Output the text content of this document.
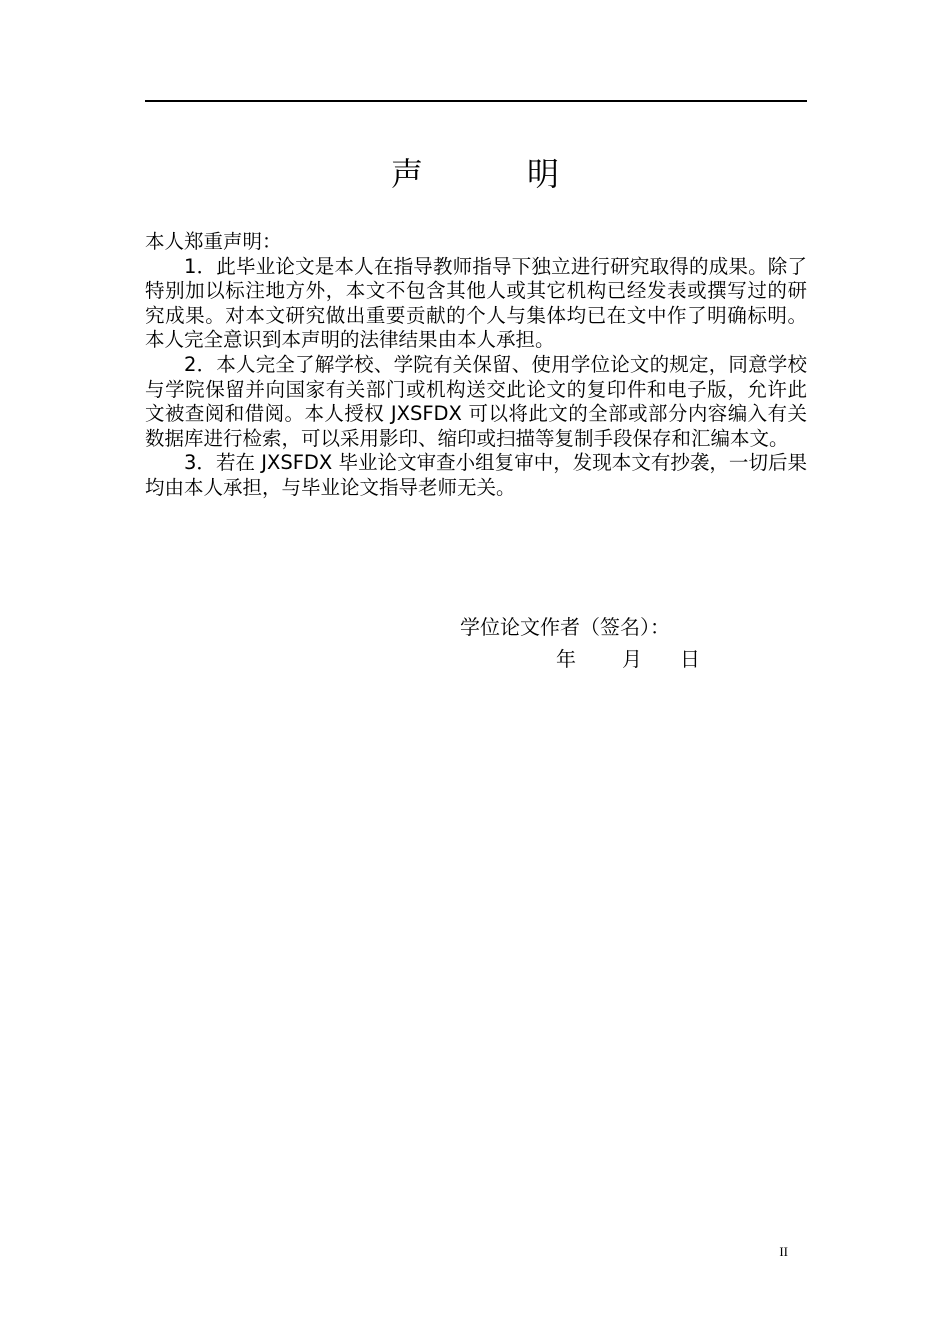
声　明

本人郑重声明：

1．此毕业论文是本人在指导教师指导下独立进行研究取得的成果。除了特别加以标注地方外，本文不包含其他人或其它机构已经发表或撰写过的研究成果。对本文研究做出重要贡献的个人与集体均已在文中作了明确标明。本人完全意识到本声明的法律结果由本人承担。

2．本人完全了解学校、学院有关保留、使用学位论文的规定，同意学校与学院保留并向国家有关部门或机构送交此论文的复印件和电子版，允许此文被查阅和借阅。本人授权 JXSFDX 可以将此文的全部或部分内容编入有关数据库进行检索，可以采用影印、缩印或扫描等复制手段保存和汇编本文。

3．若在 JXSFDX 毕业论文审查小组复审中，发现本文有抄袭，一切后果均由本人承担，与毕业论文指导老师无关。

学位论文作者（签名）：
年 月 日
II
